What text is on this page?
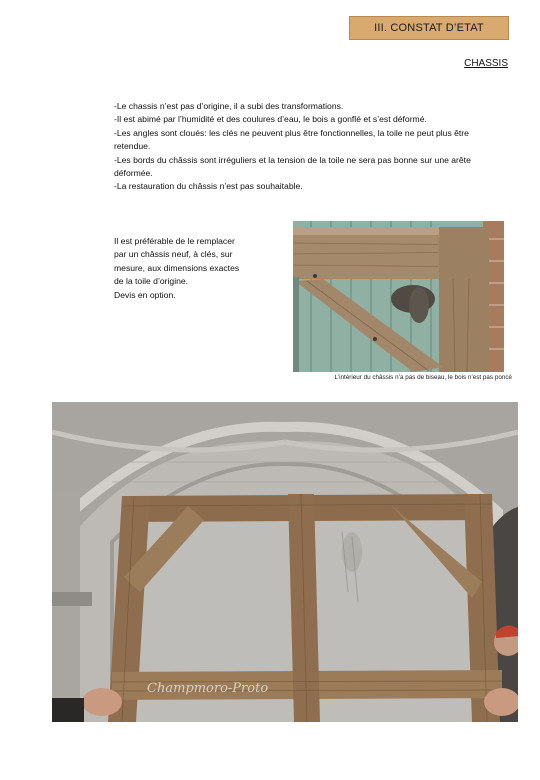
III. CONSTAT D’ETAT
CHASSIS

-Le chassis n’est pas d’origine, il a subi des transformations.

-Il est abimé par l’humidité et des coulures d’eau, le bois a gonflé et s’est déformé.

-Les angles sont cloués: les clés ne peuvent plus être fonctionnelles, la toile ne peut plus être retendue.

-Les bords du châssis sont irréguliers et la tension de la toile ne sera pas bonne sur une arête déformée.

-La restauration du châssis n’est pas souhaitable.

Il est préférable de le remplacer
par un châssis neuf, à clés, sur
mesure, aux dimensions exactes
de la toile d’origine.
Devis en option.
L’intérieur du châssis n’a pas de biseau, le bois n’est pas poncé
Champmoro-Proto
